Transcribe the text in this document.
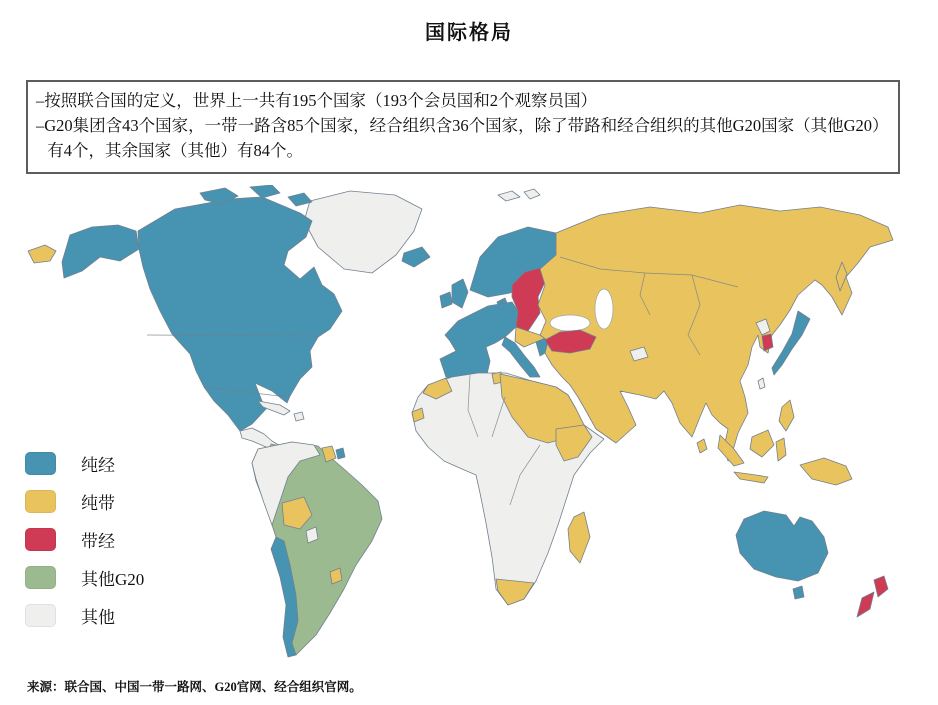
国际格局

–按照联合国的定义，世界上一共有195个国家（193个会员国和2个观察员国）

–G20集团含43个国家，一带一路含85个国家，经合组织含36个国家，除了带路和经合组织的其他G20国家（其他G20）有4个，其余国家（其他）有84个。

纯经
纯带
带经
其他G20
其他
来源：联合国、中国一带一路网、G20官网、经合组织官网。
